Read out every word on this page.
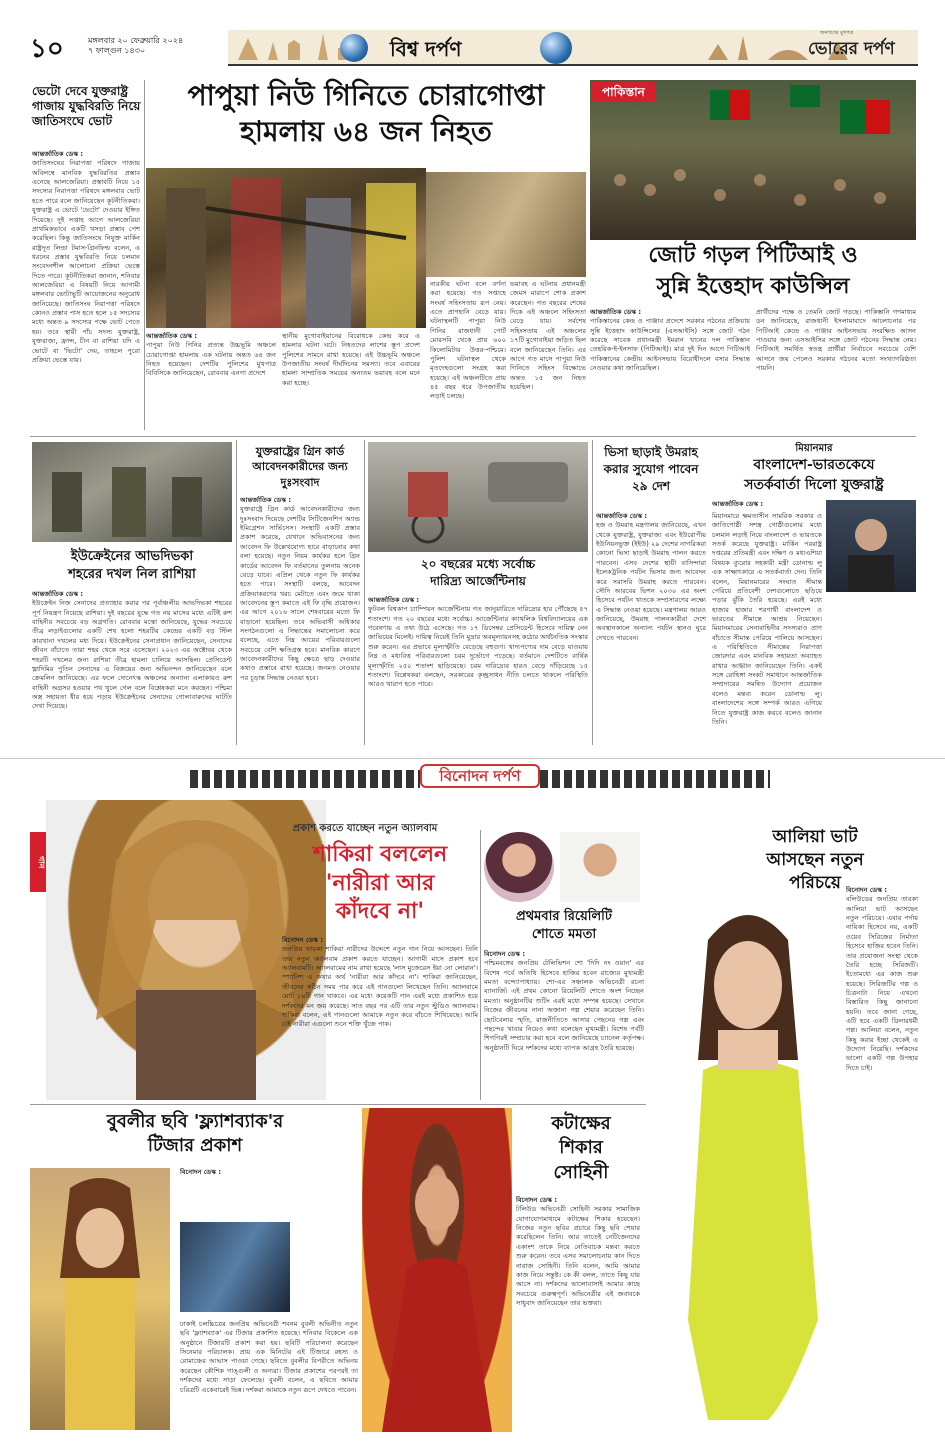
১০	মঙ্গলবার ২০ ফেব্রুয়ারি ২০২৪
৭ ফাল্গুন ১৪৩০	বিশ্ব দর্পণ
জনগণের মুখপত্র
ভোরের দর্পণ
ভেটো দেবে যুক্তরাষ্ট্র গাজায় যুদ্ধবিরতি নিয়ে জাতিসংঘে ভোট
আন্তর্জাতিক ডেস্ক :
জাতিসংঘের নিরাপত্তা পরিষদে গাজায় অবিলম্বে মানবিক যুদ্ধবিরতির প্রস্তাব এনেছে আলজেরিয়া। প্রস্তাবটি নিয়ে ১৫ সদস্যের নিরাপত্তা পরিষদে মঙ্গলবার ভোট হতে পারে বলে জানিয়েছেন কূটনীতিকরা। যুক্তরাষ্ট্র এ ভোটে 'ভেটো' দেওয়ার ইঙ্গিত দিয়েছে। দুই সপ্তাহ আগে আলজেরিয়া প্রাথমিকভাবে একটি খসড়া প্রস্তাব পেশ করেছিল। কিন্তু জাতিসংঘে নিযুক্ত মার্কিন রাষ্ট্রদূত লিন্ডা টমাস-গ্রিনফিল্ড বলেন, এ ধরনের প্রস্তাব যুদ্ধবিরতি নিয়ে চলমান সংবেদনশীল আলোচনা প্রক্রিয়া ভেস্তে দিতে পারে। কূটনীতিকরা জানান, শনিবার আলজেরিয়া এ বিষয়টি নিয়ে আগামী মঙ্গলবার ভোটাভুটি আয়োজনের অনুরোধ জানিয়েছে। জাতিসংঘ নিরাপত্তা পরিষদে কোনও প্রস্তাব পাস হতে হলে ১৫ সদস্যের মধ্যে অন্তত ৯ সদস্যের পক্ষে ভোট পেতে হয়। তবে স্থায়ী পাঁচ সদস্য যুক্তরাষ্ট্র, যুক্তরাজ্য, ফ্রান্স, চীন বা রাশিয়া যদি এ ভোটে বা 'ভিটো' দেয়, তাহলে পুরো প্রক্রিয়া ভেস্তে যায়।
পাপুয়া নিউ গিনিতে চোরাগোপ্তা
হামলায় ৬৪ জন নিহত
আন্তর্জাতিক ডেস্ক :
পাপুয়া নিউ গিনির প্রত্যন্ত উচ্চভূমি অঞ্চলে চোরাগোপ্তা হামলায় এক ঘটনায় অন্তত ৬৪ জন নিহত হয়েছেন। দেশটির পুলিশের মুখপাত্র বিবিসিকে জানিয়েছেন, রোববার এনগা প্রদেশে
স্থানীয় মুগোবাইয়ানের বিরোধকে কেন্দ্র করে এ হামলার ঘটনা ঘটে। নিহতদের লাশের স্তূপ প্রদেশ পুলিশের সামনে রাখা হয়েছে। এই উচ্চভূমি অঞ্চলে উপজাতীয় সংঘর্ষ দীর্ঘদিনের সমস্যা। তবে এবারের হামলা সাম্প্রতিক সময়ের অন্যতম ভয়াবহ বলে মনে করা হচ্ছে।
নারকীয় ঘটনা বলে বর্ণনা করা হয়েছে। গত সপ্তাহে সংঘর্ষ সহিংসতায় রূপ নেয়। এতে প্রাণহানি বেড়ে যায়। ঘটনাস্থলটি পাপুয়া নিউ গিনির রাজধানী পোর্ট মোরসবি থেকে প্রায় ৬০০ কিলোমিটার উত্তর-পশ্চিমে। পুলিশ ঘটনাস্থল থেকে মৃতদেহগুলো সংগ্রহ করা হয়েছে। এই অঞ্চলটিতে প্রায় ৪৫ বছর ধরে উপজাতীয় লড়াই চলছে।
ভয়াবহ এ ঘটনায় প্রধানমন্ত্রী জেমস মারাপে শোক প্রকাশ করেছেন। গত বছরের শেষের দিকে এই অঞ্চলে সহিংসতা বেড়ে যায়। সর্বশেষ সহিংসতায় এই অঞ্চলের ১৭টি মুগোবাইয়া জড়িত ছিল বলে জানিয়েছেন তিনি। এর আগে গত মাসে পাপুয়া নিউ গিনিতে সহিংস বিক্ষোভে অন্তত ১৫ জন নিহত হয়েছিল।
পাকিস্তান
জোট গড়ল পিটিআই ও
সুন্নি ইত্তেহাদ কাউন্সিল
আন্তর্জাতিক ডেস্ক :
পাকিস্তানের কেন্দ্র ও পাঞ্জাব প্রদেশে সরকার গঠনের প্রক্রিয়ায় সুন্নি ইত্তেহাদ কাউন্সিলের (এসআইসি) সঙ্গে জোট গঠন করেছে সাবেক প্রধানমন্ত্রী ইমরান খানের দল পাকিস্তান তেহরিক-ই-ইনসাফ (পিটিআই)। মাত্র দুই দিন আগে পিটিআই পাকিস্তানের কেন্দ্রীয় আইনসভায় বিরোধীদলে বসার সিদ্ধান্ত নেওয়ার কথা জানিয়েছিল।
প্রার্থীদের পক্ষে ও তেমনি জোট গড়ছে। পাকিস্তানি গণমাধ্যম ডন জানিয়েছে, রাজধানী ইসলামাবাদে আলোচনার পর পিটিআই কেন্দ্রে ও পাঞ্জাব আইনসভায় সংরক্ষিত আসন পাওয়ার জন্য এসআইসির সঙ্গে জোট গঠনের সিদ্ধান্ত নেয়। পিটিআই সমর্থিত স্বতন্ত্র প্রার্থীরা নির্বাচনে সবচেয়ে বেশি আসনে জয় পেলেও সরকার গঠনের মতো সংখ্যাগরিষ্ঠতা পায়নি।
ইউক্রেইনের আভদিভকা
শহরের দখল নিল রাশিয়া
আন্তর্জাতিক ডেস্ক :
ইউক্রেইন নিজ সেনাদের প্রত্যাহার করার পর পূর্বাঞ্চলীয় আভদিভকা শহরের পূর্ণ নিয়ন্ত্রণ নিয়েছে রাশিয়া। দুই বছরের যুদ্ধে গত নয় মাসের মধ্যে এটিই রুশ বাহিনীর সবচেয়ে বড় অগ্রগতি। রোববার মস্কো জানিয়েছে, যুদ্ধের সবচেয়ে তীব্র লড়াইগুলোর একটি শেষ হলো শহরটির কেন্দ্রের একটি বড় স্টিল কারখানা দখলের মধ্য দিয়ে। ইউক্রেইনের সেনাপ্রধান জানিয়েছেন, সেনাদের জীবন বাঁচাতে তারা শহর থেকে সরে এসেছেন। ২০২৩ এর অক্টোবর থেকে শহরটি দখলের জন্য রাশিয়া তীব্র হামলা চালিয়ে আসছিল। প্রেসিডেন্ট ভ্লাদিমির পুতিন সেনাদের এ বিজয়ের জন্য অভিনন্দন জানিয়েছেন বলে ক্রেমলিন জানিয়েছে। এর ফলে দোনেৎস্ক অঞ্চলের অন্যান্য এলাকায়ও রুশ বাহিনী অগ্রসর হওয়ার পথ খুলে গেল বলে বিশ্লেষকরা মনে করছেন। পশ্চিমা অস্ত্র সহায়তা ধীর হয়ে পড়ায় ইউক্রেইনের সেনাদের গোলাবারুদের ঘাটতি দেখা দিয়েছে।
যুক্তরাষ্ট্রের গ্রিন কার্ড আবেদনকারীদের জন্য দুঃসংবাদ
আন্তর্জাতিক ডেস্ক :
যুক্তরাষ্ট্রে গ্রিন কার্ড আবেদনকারীদের জন্য দুঃসংবাদ দিয়েছে দেশটির সিটিজেনশিপ অ্যান্ড ইমিগ্রেশন সার্ভিসেস। সংস্থাটি একটি প্রস্তাব প্রকাশ করেছে, যেখানে অভিবাসনের জন্য আবেদন ফি উল্লেখযোগ্য হারে বাড়ানোর কথা বলা হয়েছে। নতুন নিয়ম কার্যকর হলে গ্রিন কার্ডের আবেদন ফি বর্তমানের তুলনায় অনেক বেড়ে যাবে। এপ্রিল থেকে নতুন ফি কার্যকর হতে পারে। সংস্থাটি বলছে, আবেদন প্রক্রিয়াকরণের খরচ মেটাতে এবং জমে থাকা আবেদনের স্তূপ কমাতে এই ফি বৃদ্ধি প্রয়োজন। এর আগে ২০১৬ সালে শেষবারের মতো ফি বাড়ানো হয়েছিল। তবে অভিবাসী অধিকার সংগঠনগুলো এ সিদ্ধান্তের সমালোচনা করে বলেছে, এতে নিম্ন আয়ের পরিবারগুলো সবচেয়ে বেশি ক্ষতিগ্রস্ত হবে। মানবিক কারণে আবেদনকারীদের কিছু ক্ষেত্রে ছাড় দেওয়ার কথাও প্রস্তাবে রাখা হয়েছে। জনমত নেওয়ার পর চূড়ান্ত সিদ্ধান্ত নেওয়া হবে।
২০ বছরের মধ্যে সর্বোচ্চ
দারিদ্র্য আর্জেন্টিনায়
আন্তর্জাতিক ডেস্ক :
ফুটবল বিশ্বকাপ চ্যাম্পিয়ন আর্জেন্টিনায় গত জানুয়ারিতে দারিদ্র্যের হার পৌঁছেছে ৫৭ শতাংশে। গত ২০ বছরের মধ্যে সর্বোচ্চ। আর্জেন্টিনার ক্যাথলিক বিশ্ববিদ্যালয়ের এক গবেষণায় এ তথ্য উঠে এসেছে। গত ১৭ ডিসেম্বর প্রেসিডেন্ট হিসেবে দায়িত্ব নেন জাভিয়ের মিলেই। দায়িত্ব নিয়েই তিনি মুদ্রার অবমূল্যায়নসহ কঠোর অর্থনৈতিক সংস্কার শুরু করেন। এর প্রভাবে মূল্যস্ফীতি বেড়েছে বহুগুণ। খাদ্যপণ্যের দাম বেড়ে যাওয়ায় নিম্ন ও মধ্যবিত্ত পরিবারগুলো চরম দুর্ভোগে পড়েছে। বর্তমানে দেশটিতে বার্ষিক মূল্যস্ফীতি ২৫০ শতাংশ ছাড়িয়েছে। চরম দারিদ্র্যের হারও বেড়ে দাঁড়িয়েছে ১৫ শতাংশে। বিশ্লেষকরা বলছেন, সরকারের কৃচ্ছ্রসাধন নীতি চলতে থাকলে পরিস্থিতি আরও খারাপ হতে পারে।
ভিসা ছাড়াই উমরাহ করার সুযোগ পাবেন ২৯ দেশ
আন্তর্জাতিক ডেস্ক :
হজ ও উমরাহ মন্ত্রণালয় জানিয়েছে, এখন থেকে যুক্তরাষ্ট্র, যুক্তরাজ্য এবং ইউরোপীয় ইউনিয়নভুক্ত (ইইউ) ২৯ দেশের নাগরিকরা কোনো ভিসা ছাড়াই উমরাহ পালন করতে পারবেন। এসব দেশের স্থায়ী বাসিন্দারা ইলেকট্রনিক পর্যটন ভিসার জন্য আবেদন করে সরাসরি উমরাহ করতে পারবেন। সৌদি আরবের ভিশন ২০৩০ এর অংশ হিসেবে পর্যটন খাতকে সম্প্রসারণের লক্ষ্যে এ সিদ্ধান্ত নেওয়া হয়েছে। মন্ত্রণালয় আরও জানিয়েছে, উমরাহ পালনকারীরা দেশে অবস্থানকালে অন্যান্য পর্যটন স্থানও ঘুরে দেখতে পারবেন।
মিয়ানমার
বাংলাদেশ-ভারতকেযে
সতর্কবার্তা দিলো যুক্তরাষ্ট্র
আন্তর্জাতিক ডেস্ক :
মিয়ানমারে ক্ষমতাসীন সামরিক সরকার ও জাতিগোষ্ঠী সশস্ত্র গোষ্ঠীগুলোর মধ্যে চলমান লড়াই নিয়ে বাংলাদেশ ও ভারতকে সতর্ক করেছে যুক্তরাষ্ট্র। মার্কিন পররাষ্ট্র দপ্তরের প্রতিমন্ত্রী এবং দক্ষিণ ও মধ্যএশিয়া বিষয়ক ব্যুরোর সহকারী মন্ত্রী ডোনাল্ড লু এক সাক্ষাৎকারে এ সতর্কবার্তা দেন। তিনি বলেন, মিয়ানমারের সংঘাত সীমান্ত পেরিয়ে প্রতিবেশী দেশগুলোতে ছড়িয়ে পড়ার ঝুঁকি তৈরি হয়েছে। এরই মধ্যে হাজার হাজার শরণার্থী বাংলাদেশ ও ভারতের সীমান্তে আশ্রয় নিয়েছেন। মিয়ানমারের সেনাবাহিনীর সদস্যরাও প্রাণ বাঁচাতে সীমান্ত পেরিয়ে পালিয়ে আসছেন। এ পরিস্থিতিতে সীমান্তের নিরাপত্তা জোরদার এবং মানবিক সহায়তা অব্যাহত রাখার আহ্বান জানিয়েছেন তিনি। একই সঙ্গে রোহিঙ্গা সংকট সমাধানে আন্তর্জাতিক সম্প্রদায়ের সমন্বিত উদ্যোগ প্রয়োজন বলেও মন্তব্য করেন ডোনাল্ড লু। বাংলাদেশের সঙ্গে সম্পর্ক আরও এগিয়ে নিতে যুক্তরাষ্ট্র কাজ করবে বলেও জানান তিনি।
বিনোদন দর্পণ
গান
প্রকাশ করতে যাচ্ছেন নতুন অ্যালবাম
শাকিরা বললেন
'নারীরা আর
কাঁদবে না'
বিনোদন ডেস্ক :
জনপ্রিয় তারকা শাকিরা নারীদের উদ্দেশে নতুন গান নিয়ে আসছেন। তিনি তার নতুন অ্যালবাম প্রকাশ করতে যাচ্ছেন। আগামী মাসে প্রকাশ হবে অ্যালবামটি। অ্যালবামের নাম রাখা হয়েছে 'লাস মুজেরেস ইয়া নো লোরান'। স্প্যানিশ এ কথার অর্থ 'নারীরা আর কাঁদবে না'। শাকিরা জানিয়েছেন, জীবনের কঠিন সময় পার করে এই গানগুলো লিখেছেন তিনি। অ্যালবামে মোট ১৬টি গান থাকবে। এর মধ্যে কয়েকটি গান এরই মধ্যে প্রকাশিত হয়ে দর্শকদের মন জয় করেছে। সাত বছর পর এটি তার নতুন স্টুডিও অ্যালবাম। শাকিরা বলেন, এই গানগুলো আমাকে নতুন করে বাঁচতে শিখিয়েছে। আমি চাই নারীরা এগুলো শুনে শক্তি খুঁজে পাক।
প্রথমবার রিয়েলিটি
শোতে মমতা
বিনোদন ডেস্ক :
পশ্চিমবঙ্গের জনপ্রিয় টেলিভিশন শো 'দিদি নং ওয়ান' এর বিশেষ পর্বে অতিথি হিসেবে হাজির হবেন রাজ্যের মুখ্যমন্ত্রী মমতা বন্দ্যোপাধ্যায়। শো-এর সঞ্চালক অভিনেত্রী রচনা ব্যানার্জি। এই প্রথম কোনো রিয়েলিটি শোতে অংশ নিচ্ছেন মমতা। অনুষ্ঠানটির শুটিং এরই মধ্যে সম্পন্ন হয়েছে। সেখানে নিজের জীবনের নানা অজানা গল্প শেয়ার করেছেন তিনি। ছোটবেলার স্মৃতি, রাজনীতিতে আসার পেছনের গল্প এবং পছন্দের খাবার নিয়েও কথা বলেছেন মুখ্যমন্ত্রী। বিশেষ পর্বটি শিগগিরই সম্প্রচার করা হবে বলে জানিয়েছে চ্যানেল কর্তৃপক্ষ। অনুষ্ঠানটি ঘিরে দর্শকদের মধ্যে ব্যাপক আগ্রহ তৈরি হয়েছে।
আলিয়া ভাট
আসছেন নতুন
পরিচয়ে বিনোদন ডেস্ক :
বলিউডের জনপ্রিয় তারকা আলিয়া ভাট আসছেন নতুন পরিচয়ে। এবার পর্দায় নায়িকা হিসেবে নয়, একটি ওয়েব সিরিজের নির্মাতা হিসেবে হাজির হবেন তিনি। তার প্রযোজনা সংস্থা থেকে তৈরি হচ্ছে সিরিজটি। ইতোমধ্যে এর কাজ শুরু হয়েছে। সিরিজটির গল্প ও চিত্রনাট্য নিয়ে এখনো বিস্তারিত কিছু জানানো হয়নি। তবে জানা গেছে, এটি হবে একটি থ্রিলারধর্মী গল্প। আলিয়া বলেন, নতুন কিছু করার ইচ্ছা থেকেই এ উদ্যোগ নিয়েছি। দর্শকদের ভালো একটি গল্প উপহার দিতে চাই।
বুবলীর ছবি 'ফ্ল্যাশব্যাক'র
টিজার প্রকাশ
বিনোদন ডেস্ক :
ঢাকাই চলচ্চিত্রের জনপ্রিয় অভিনেত্রী শবনম বুবলী অভিনীত নতুন ছবি 'ফ্ল্যাশব্যাক' এর টিজার প্রকাশিত হয়েছে। শনিবার বিকেলে এক অনুষ্ঠানে টিজারটি প্রকাশ করা হয়। ছবিটি পরিচালনা করেছেন সিনেমার পরিচালক। প্রায় এক মিনিটের এই টিজারে রহস্য ও রোমাঞ্চের আভাস পাওয়া গেছে। ছবিতে বুবলীর বিপরীতে অভিনয় করেছেন কৌশিক গাঙ্গুলী ও অন্যরা। টিজার প্রকাশের পরপরই তা দর্শকদের মধ্যে সাড়া ফেলেছে। বুবলী বলেন, এ ছবিতে আমার চরিত্রটি একেবারেই ভিন্ন। দর্শকরা আমাকে নতুন রূপে দেখতে পাবেন।
কটাক্ষের
শিকার
সোহিনী
বিনোদন ডেস্ক :
টলিউড অভিনেত্রী সোহিনী সরকার সামাজিক যোগাযোগমাধ্যমে কটাক্ষের শিকার হয়েছেন। নিজের নতুন ছবির প্রচারে কিছু ছবি শেয়ার করেছিলেন তিনি। আর তাতেই নেটিজেনদের একাংশ তাকে নিয়ে নেতিবাচক মন্তব্য করতে শুরু করেন। তবে এসব সমালোচনায় কান দিতে নারাজ সোহিনী। তিনি বলেন, আমি আমার কাজ নিয়ে সন্তুষ্ট। কে কী বলল, তাতে কিছু যায় আসে না। দর্শকদের ভালোবাসাই আমার কাছে সবচেয়ে গুরুত্বপূর্ণ। অভিনেত্রীর এই জবাবকে সাধুবাদ জানিয়েছেন তার ভক্তরা।
